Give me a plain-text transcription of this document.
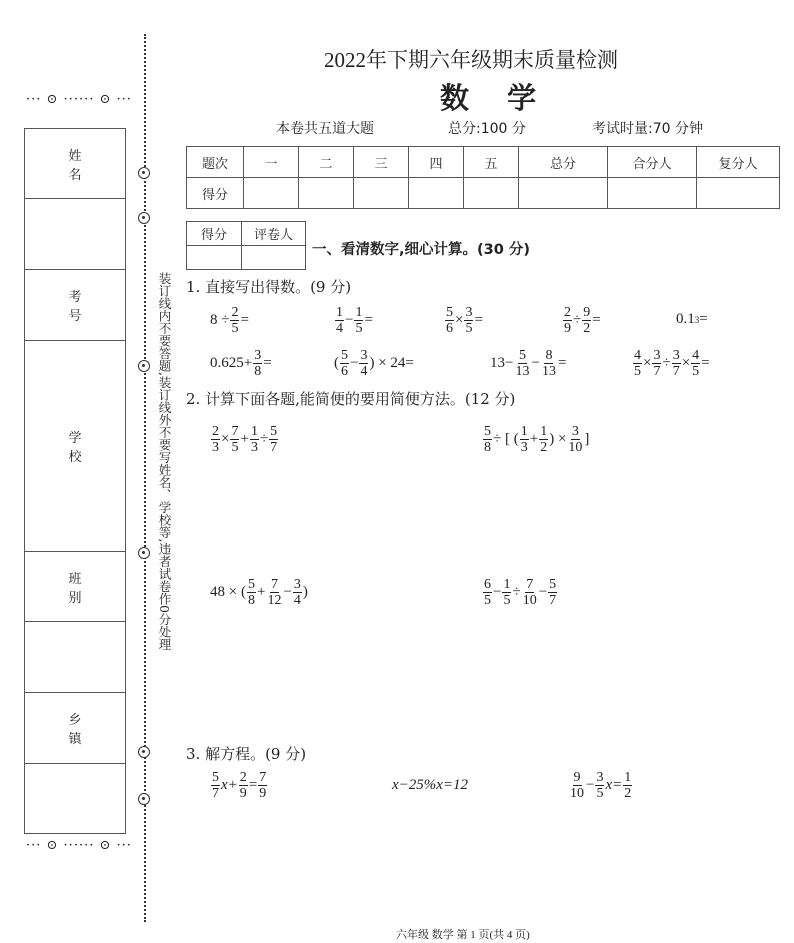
··· ⊙ ······ ⊙ ···
姓 名

考 号
学 校
班 别

乡 镇

··· ⊙ ······ ⊙ ···
装订线内不要答题,装订线外不要写姓名、学校等,违者试卷作0分处理
2022年下期六年级期末质量检测
数 学
本卷共五道大题	总分:100 分	考试时量:70 分钟
题次	一	二	三	四	五	总分	合分人	复分人
得分								
得分	评卷人

一、看清数字,细心计算。(30 分)
1. 直接写出得数。(9 分)
$8 \div \frac{2}{5}$ =	$\frac{1}{4} - \frac{1}{5}$ =	$\frac{5}{6} \times \frac{3}{5}$ =	$\frac{2}{9} \div \frac{9}{2}$ =	0.1 3 =
$0.625+ \frac{3}{8}$ =	( $\frac{5}{6} - \frac{3}{4}$ ) × 24=	$13- \frac{5}{13} - \frac{8}{13}$ =	$\frac{4}{5} \times \frac{3}{7} \div \frac{3}{7} \times \frac{4}{5}$ =
2. 计算下面各题,能简便的要用简便方法。(12 分)
$\frac{2}{3} \times \frac{7}{5} + \frac{1}{3} \div \frac{5}{7}$	$\frac{5}{8}$ ÷ [ ( $\frac{1}{3} + \frac{1}{2}$ ) × $\frac{3}{10}$ ]
48 × ( $\frac{5}{8} + \frac{7}{12} - \frac{3}{4}$ )	$\frac{6}{5} - \frac{1}{5} \div \frac{7}{10} - \frac{5}{7}$
3. 解方程。(9 分)
$\frac{5}{7} x+ \frac{2}{9} = \frac{7}{9}$	x−25%x=12	$\frac{9}{10} - \frac{3}{5} x= \frac{1}{2}$
六年级 数学 第 1 页(共 4 页)
